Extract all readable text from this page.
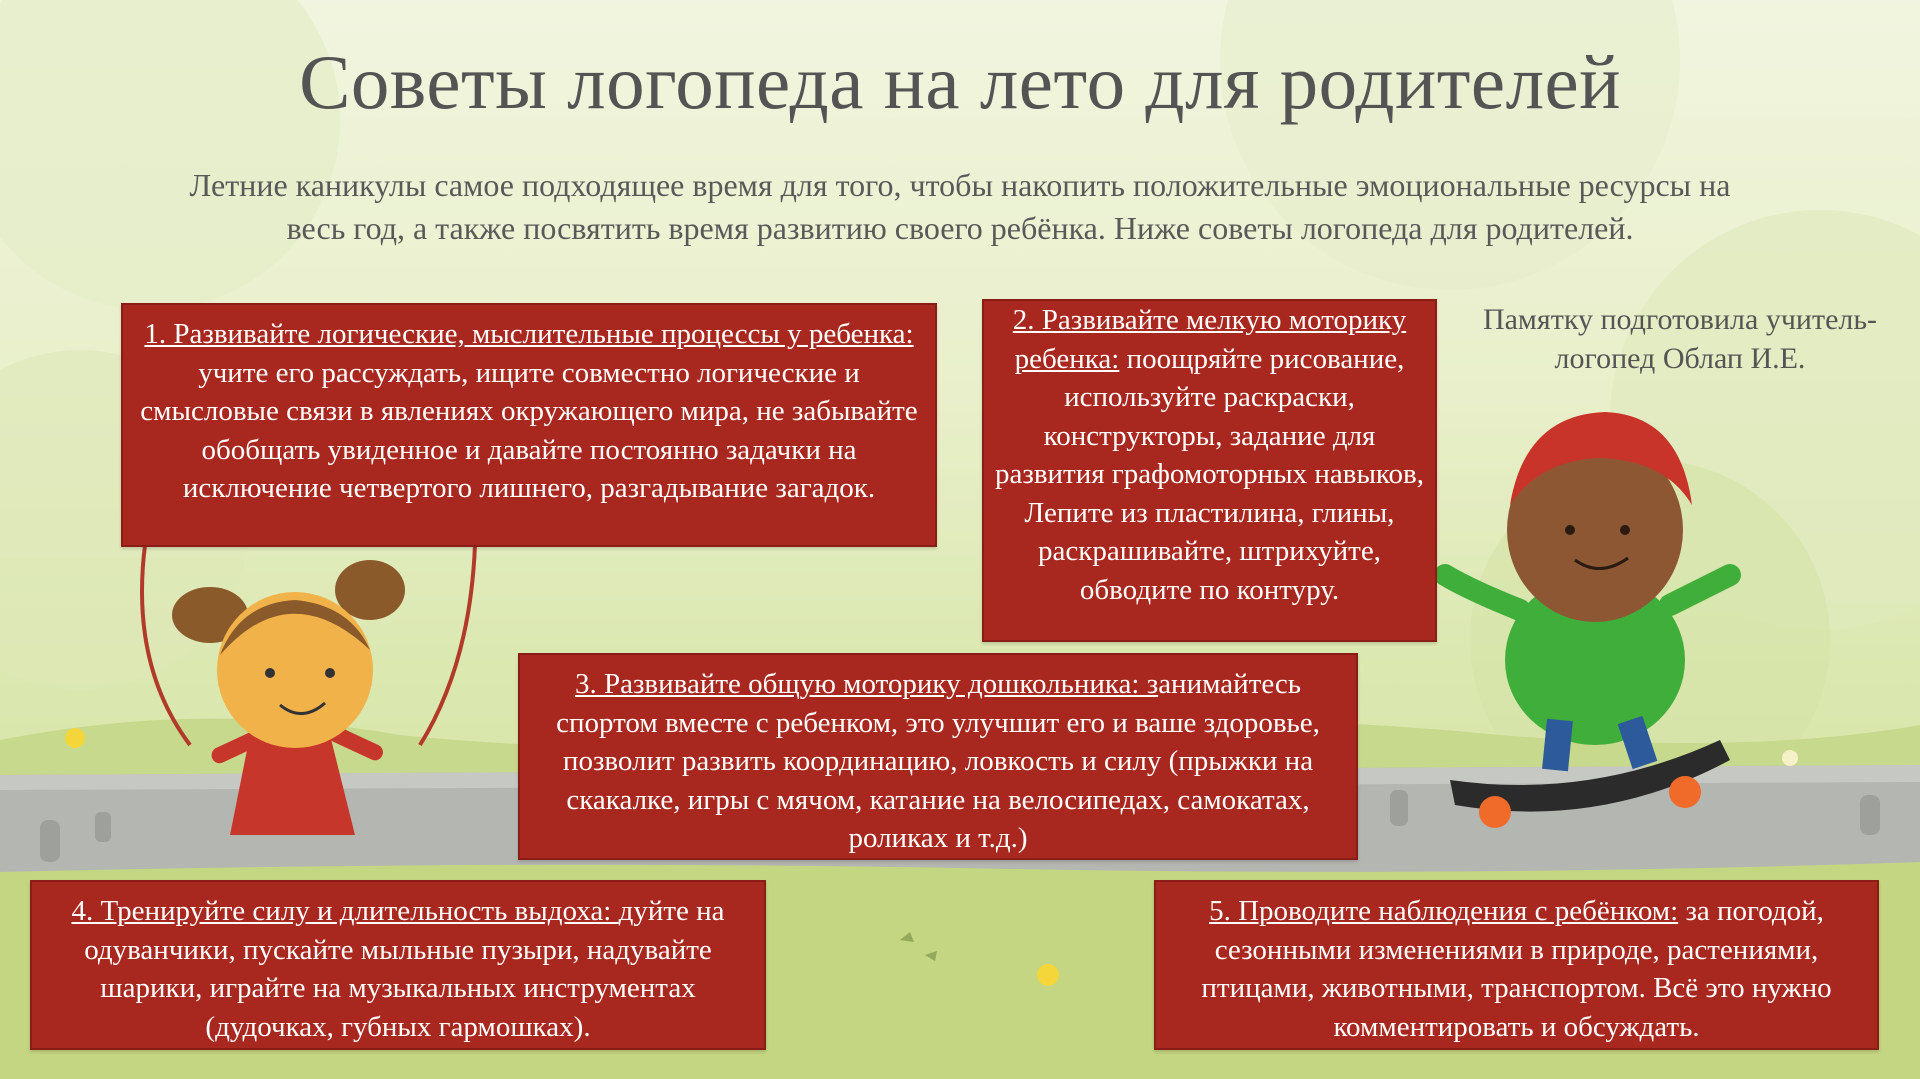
Советы логопеда на лето для родителей

Летние каникулы самое подходящее время для того, чтобы накопить положительные эмоциональные ресурсы на весь год, а также посвятить время развитию своего ребёнка. Ниже советы логопеда для родителей.

Памятку подготовила учитель-логопед Облап И.Е.

1. Развивайте логические, мыслительные процессы у ребенка: учите его рассуждать, ищите совместно логические и смысловые связи в явлениях окружающего мира, не забывайте обобщать увиденное и давайте постоянно задачки на исключение четвертого лишнего, разгадывание загадок.
2. Развивайте мелкую моторику ребенка: поощряйте рисование, используйте раскраски, конструкторы, задание для развития графомоторных навыков, Лепите из пластилина, глины, раскрашивайте, штрихуйте, обводите по контуру.
3. Развивайте общую моторику дошкольника: занимайтесь спортом вместе с ребенком, это улучшит его и ваше здоровье, позволит развить координацию, ловкость и силу (прыжки на скакалке, игры с мячом, катание на велосипедах, самокатах, роликах и т.д.)
4. Тренируйте силу и длительность выдоха: дуйте на одуванчики, пускайте мыльные пузыри, надувайте шарики, играйте на музыкальных инструментах (дудочках, губных гармошках).
5. Проводите наблюдения с ребёнком: за погодой, сезонными изменениями в природе, растениями, птицами, животными, транспортом. Всё это нужно комментировать и обсуждать.
